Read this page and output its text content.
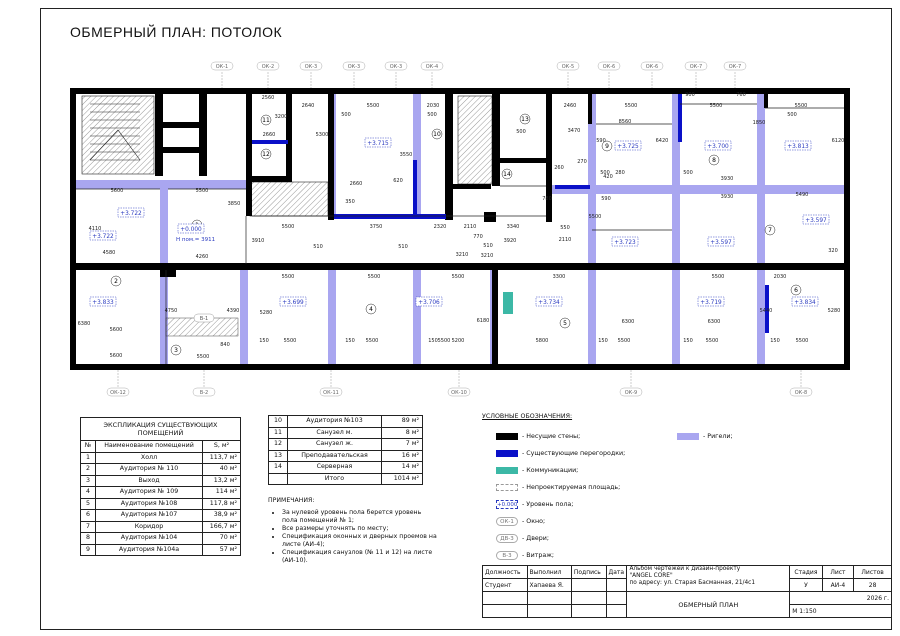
ОБМЕРНЫЙ ПЛАН: ПОТОЛОК
ОК-1	ОК-2	ОК-3	ОК-3	ОК-3	ОК-4	ОК-5	ОК-6	ОК-6	ОК-7	ОК-7
ОК-12	В-2	ОК-11	ОК-10	ОК-9	ОК-8
2
3
4
5
6
7
8
9
10
11
12
13
14
+3.722
+3.722
+0.000
+3.833	+3.699
+3.715
+3.706	+3.734
+3.723
+3.725	+3.700	+3.813
+3.597
+3.597
+3.719	+3.834
2560
2640	5500	2030	2460	5500
900	760
5500	5500
8560
5300
3200
3550
3470
6420
1850
6120
5600	5500
5500	3750	2320	2110	3340
5500
5490
4580
4260
5500	5500	5500
3210
3300	5500	2030
5500	5500	5500 5200	5800	5500	5500	5500
5600
5600	5500
840
5280
6380	6180	6300	6300
5440	5280
2660	620
350
770
3210
3920
550
510	510	510
500	500
500
500	500
500
150	150	150	150	150	150
420
3930
3930
590
780
260
270
280
320
4750
4110
4390
3850
3910
2660
590
2110
Н пом.= 3911
В-1
ЭКСПЛИКАЦИЯ СУЩЕСТВУЮЩИХ ПОМЕЩЕНИЙ
№	Наименование помещений	S, м²
1	Холл	113,7 м²
2	Аудитория № 110	40 м²
3	Выход	13,2 м²
4	Аудитория № 109	114 м²
5	Аудитория №108	117,8 м²
6	Аудитория №107	38,9 м²
7	Коридор	166,7 м²
8	Аудитория №104	70 м²
9	Аудитория №104а	57 м²
10	Аудитория №103	89 м²
11	Санузел м.	8 м²
12	Санузел ж.	7 м²
13	Преподавательская	16 м²
14	Серверная	14 м²
	Итого	1014 м²
ПРИМЕЧАНИЯ:
• За нулевой уровень пола берется уровень пола помещений № 1;
• Все размеры уточнять по месту;
• Спецификация оконных и дверных проемов на листе (АИ-4);
• Спецификация санузлов (№ 11 и 12) на листе (АИ-10).
УСЛОВНЫЕ ОБОЗНАЧЕНИЯ:
- Несущие стены;
- Существующие перегородки;
- Коммуникации;
- Непроектируемая площадь;
+0.000 - Уровень пола;
ОК-1	- Окно;
ДВ-3	- Двери;
В-3	- Витраж;
- Ригели;
Должность	Выполнил	Подпись	Дата	Альбом чертежей к дизайн-проекту
"ANGEL CORE"
по адресу: ул. Старая Басманная, 21/4с1	Стадия	Лист	Листов
Студент	Хапаева Я.				У	АИ-4	28
				ОБМЕРНЫЙ ПЛАН	2026 г.		
					М 1:150		
